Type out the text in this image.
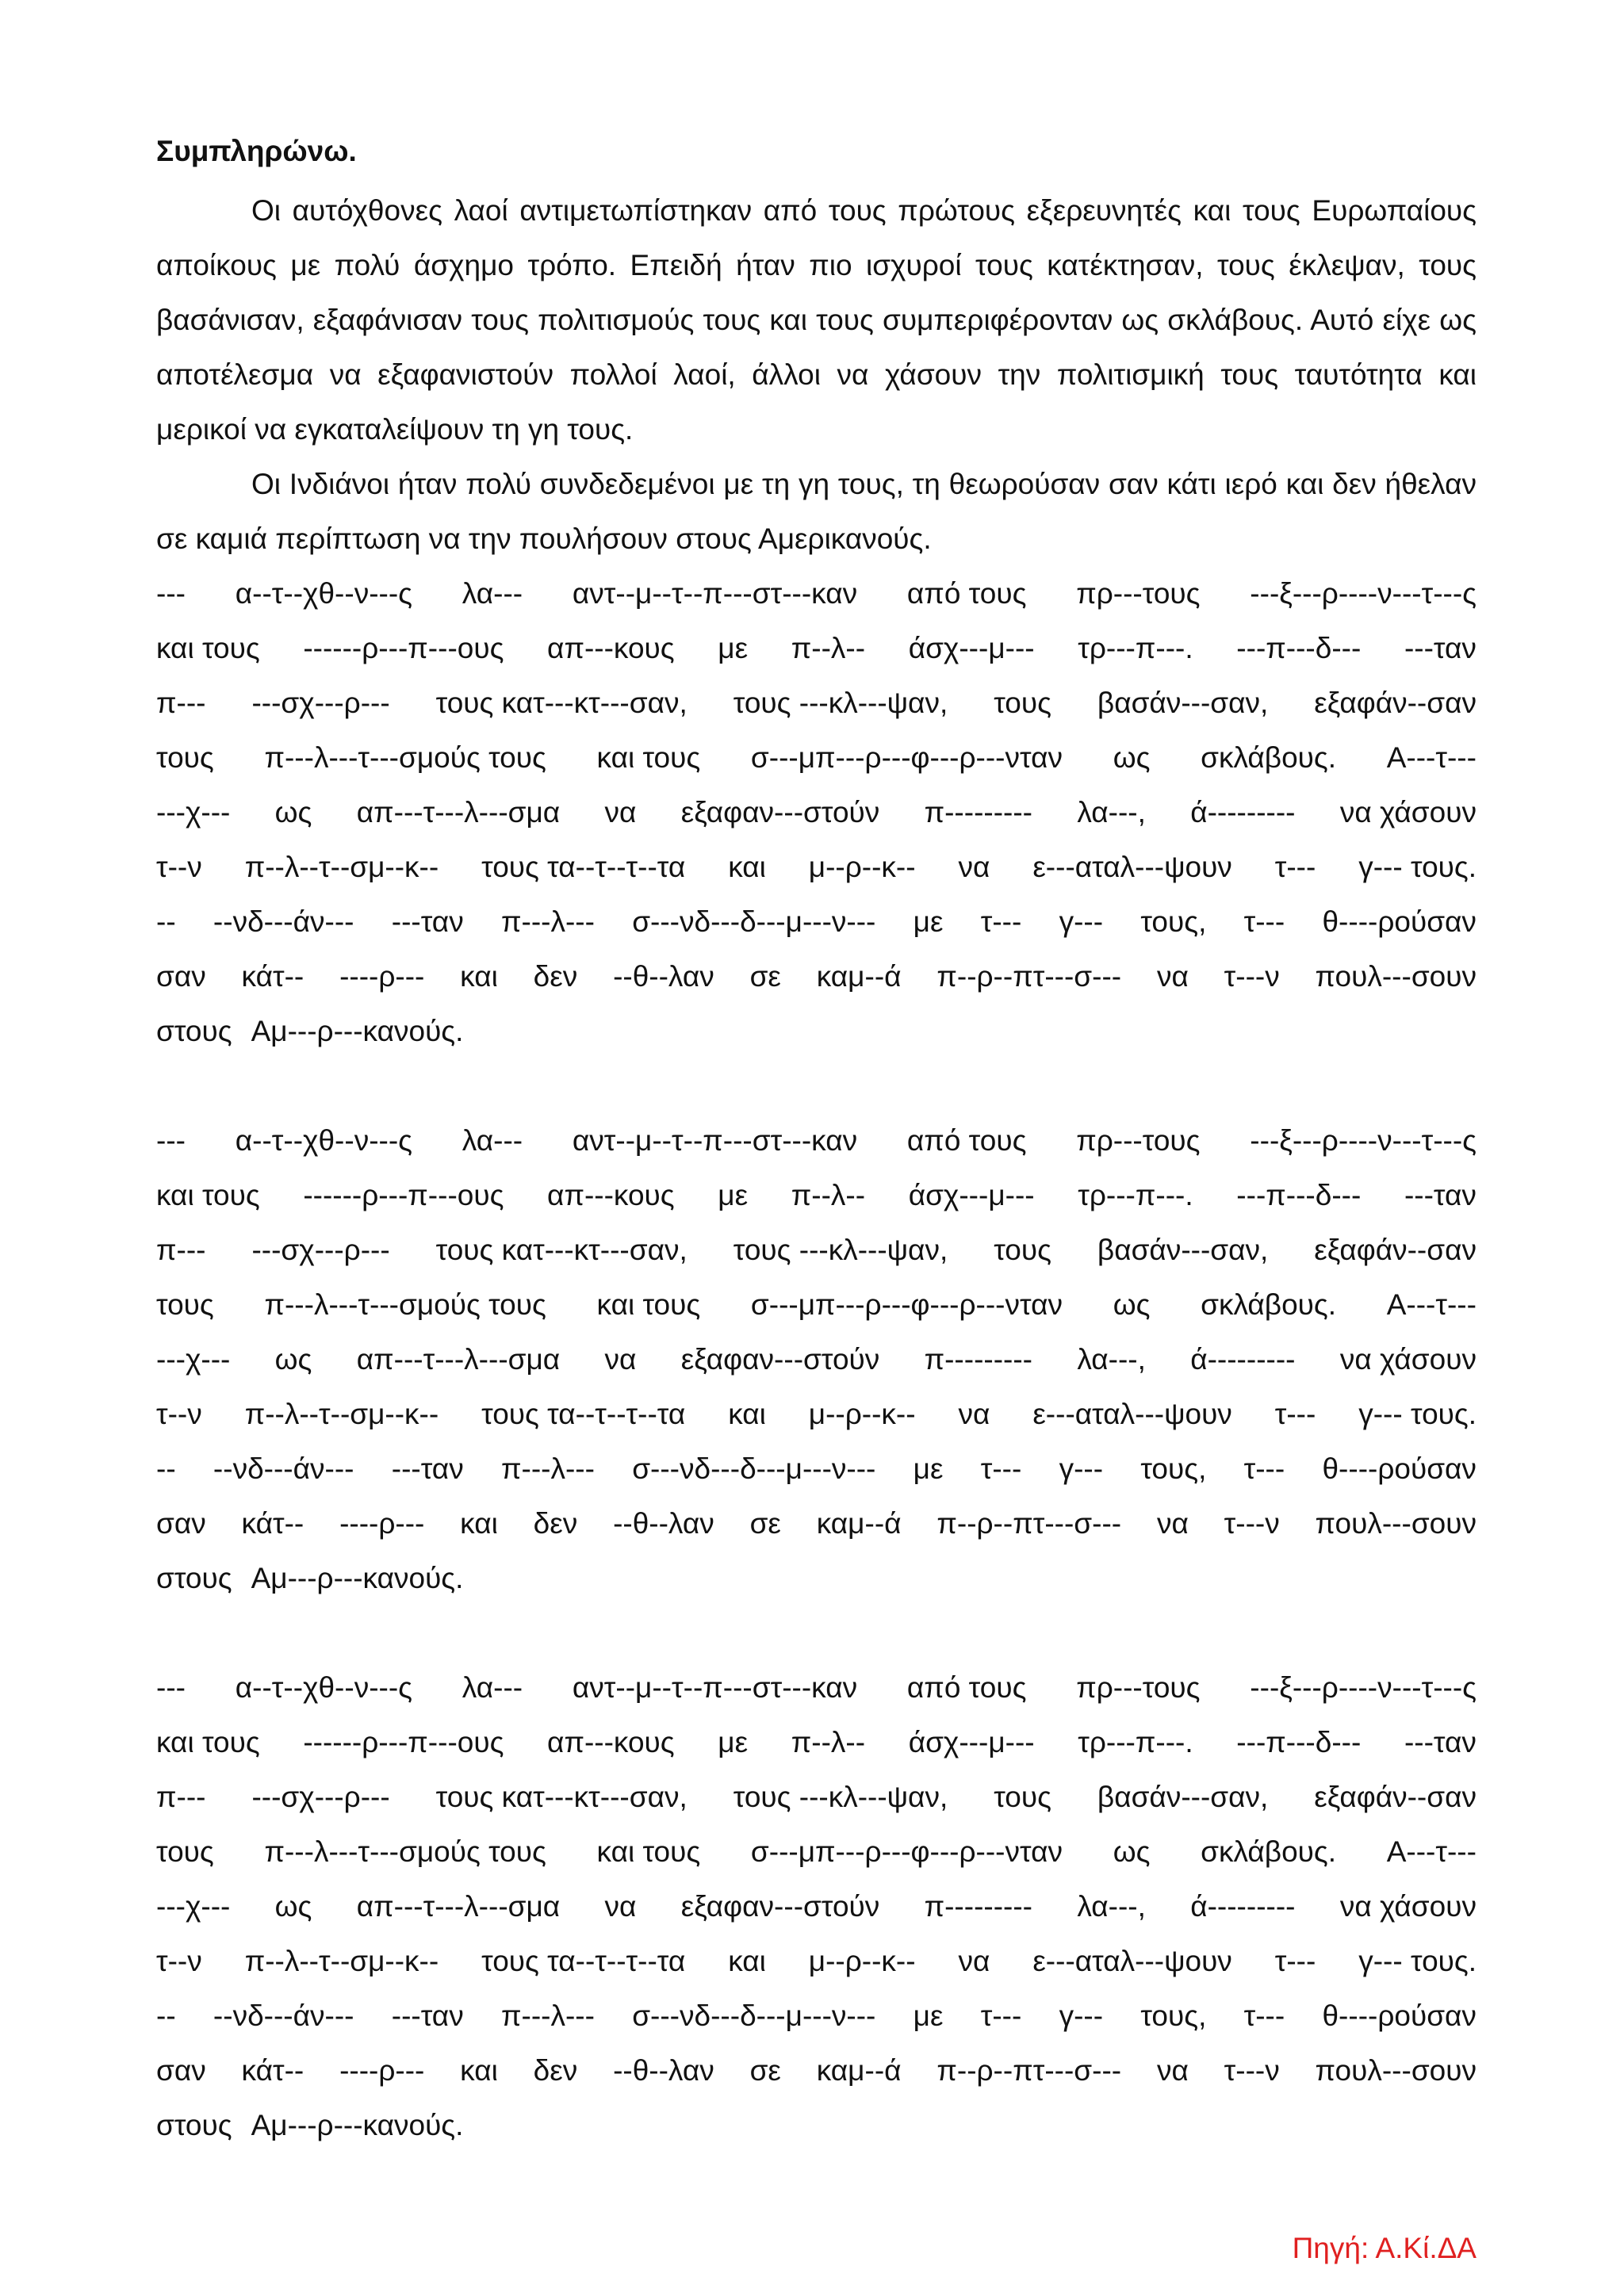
Συμπληρώνω.

Οι αυτόχθονες λαοί αντιμετωπίστηκαν από τους πρώτους εξερευνητές και τους Ευρωπαίους αποίκους με πολύ άσχημο τρόπο. Επειδή ήταν πιο ισχυροί τους κατέκτησαν, τους έκλεψαν, τους βασάνισαν, εξαφάνισαν τους πολιτισμούς τους και τους συμπεριφέρονταν ως σκλάβους. Αυτό είχε ως αποτέλεσμα να εξαφανιστούν πολλοί λαοί, άλλοι να χάσουν την πολιτισμική τους ταυτότητα και μερικοί να εγκαταλείψουν τη γη τους.

Οι Ινδιάνοι ήταν πολύ συνδεδεμένοι με τη γη τους, τη θεωρούσαν σαν κάτι ιερό και δεν ήθελαν σε καμιά περίπτωση να την πουλήσουν στους Αμερικανούς.

--- α--τ--χθ--ν---ς λα--- αντ--μ--τ--π---στ---καν από τους πρ---τους ---ξ---ρ----ν---τ---ς
και τους ------ρ---π---ους απ---κους με π--λ-- άσχ---μ--- τρ---π---. ---π---δ--- ---ταν
π--- ---σχ---ρ--- τους κατ---κτ---σαν, τους ---κλ---ψαν, τους βασάν---σαν, εξαφάν--σαν
τους π---λ---τ---σμούς τους και τους σ---μπ---ρ---φ---ρ---νταν ως σκλάβους. Α---τ---
---χ--- ως απ---τ---λ---σμα να εξαφαν---στούν π--------- λα---, ά--------- να χάσουν
τ--ν π--λ--τ--σμ--κ-- τους τα--τ--τ--τα και μ--ρ--κ-- να ε---αταλ---ψουν τ--- γ--- τους.
-- --νδ---άν--- ---ταν π---λ--- σ---νδ---δ---μ---ν--- με τ--- γ--- τους, τ--- θ----ρούσαν
σαν κάτ-- ----ρ--- και δεν --θ--λαν σε καμ--ά π--ρ--πτ---σ--- να τ---ν πουλ---σουν
στους Αμ---ρ---κανούς.
--- α--τ--χθ--ν---ς λα--- αντ--μ--τ--π---στ---καν από τους πρ---τους ---ξ---ρ----ν---τ---ς
και τους ------ρ---π---ους απ---κους με π--λ-- άσχ---μ--- τρ---π---. ---π---δ--- ---ταν
π--- ---σχ---ρ--- τους κατ---κτ---σαν, τους ---κλ---ψαν, τους βασάν---σαν, εξαφάν--σαν
τους π---λ---τ---σμούς τους και τους σ---μπ---ρ---φ---ρ---νταν ως σκλάβους. Α---τ---
---χ--- ως απ---τ---λ---σμα να εξαφαν---στούν π--------- λα---, ά--------- να χάσουν
τ--ν π--λ--τ--σμ--κ-- τους τα--τ--τ--τα και μ--ρ--κ-- να ε---αταλ---ψουν τ--- γ--- τους.
-- --νδ---άν--- ---ταν π---λ--- σ---νδ---δ---μ---ν--- με τ--- γ--- τους, τ--- θ----ρούσαν
σαν κάτ-- ----ρ--- και δεν --θ--λαν σε καμ--ά π--ρ--πτ---σ--- να τ---ν πουλ---σουν
στους Αμ---ρ---κανούς.
--- α--τ--χθ--ν---ς λα--- αντ--μ--τ--π---στ---καν από τους πρ---τους ---ξ---ρ----ν---τ---ς
και τους ------ρ---π---ους απ---κους με π--λ-- άσχ---μ--- τρ---π---. ---π---δ--- ---ταν
π--- ---σχ---ρ--- τους κατ---κτ---σαν, τους ---κλ---ψαν, τους βασάν---σαν, εξαφάν--σαν
τους π---λ---τ---σμούς τους και τους σ---μπ---ρ---φ---ρ---νταν ως σκλάβους. Α---τ---
---χ--- ως απ---τ---λ---σμα να εξαφαν---στούν π--------- λα---, ά--------- να χάσουν
τ--ν π--λ--τ--σμ--κ-- τους τα--τ--τ--τα και μ--ρ--κ-- να ε---αταλ---ψουν τ--- γ--- τους.
-- --νδ---άν--- ---ταν π---λ--- σ---νδ---δ---μ---ν--- με τ--- γ--- τους, τ--- θ----ρούσαν
σαν κάτ-- ----ρ--- και δεν --θ--λαν σε καμ--ά π--ρ--πτ---σ--- να τ---ν πουλ---σουν
στους Αμ---ρ---κανούς.

Πηγή: Α.Κί.ΔΑ
